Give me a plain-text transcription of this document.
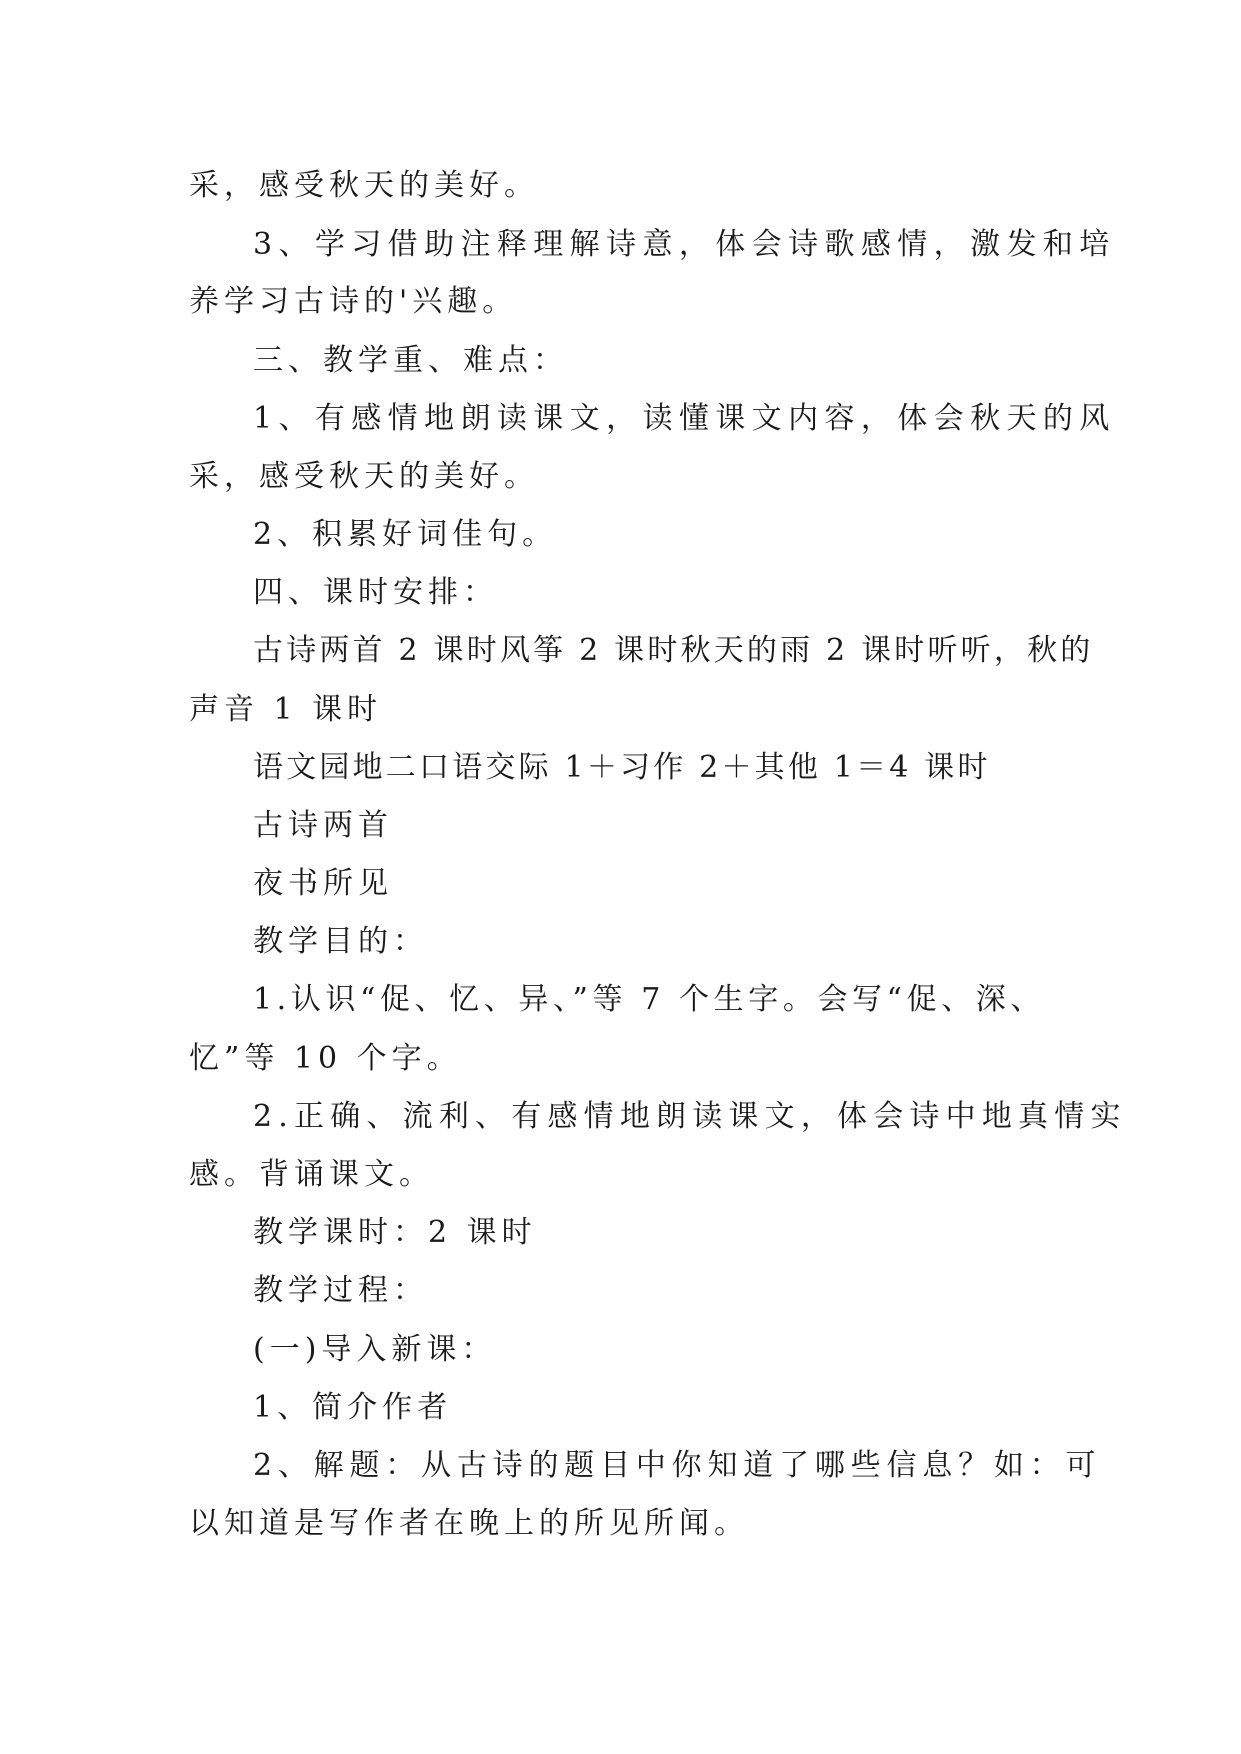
采，感受秋天的美好。
3、学习借助注释理解诗意，体会诗歌感情，激发和培
养学习古诗的'兴趣。
三、教学重、难点：
1、有感情地朗读课文，读懂课文内容，体会秋天的风
采，感受秋天的美好。
2、积累好词佳句。
四、课时安排：
古诗两首 2 课时风筝 2 课时秋天的雨 2 课时听听，秋的
声音 1 课时
语文园地二口语交际 1＋习作 2＋其他 1＝4 课时
古诗两首
夜书所见
教学目的：
1.认识“促、忆、异、”等 7 个生字。会写“促、深、
忆”等 10 个字。
2.正确、流利、有感情地朗读课文，体会诗中地真情实
感。背诵课文。
教学课时：2 课时
教学过程：
(一)导入新课：
1、简介作者
2、解题：从古诗的题目中你知道了哪些信息？如：可
以知道是写作者在晚上的所见所闻。
